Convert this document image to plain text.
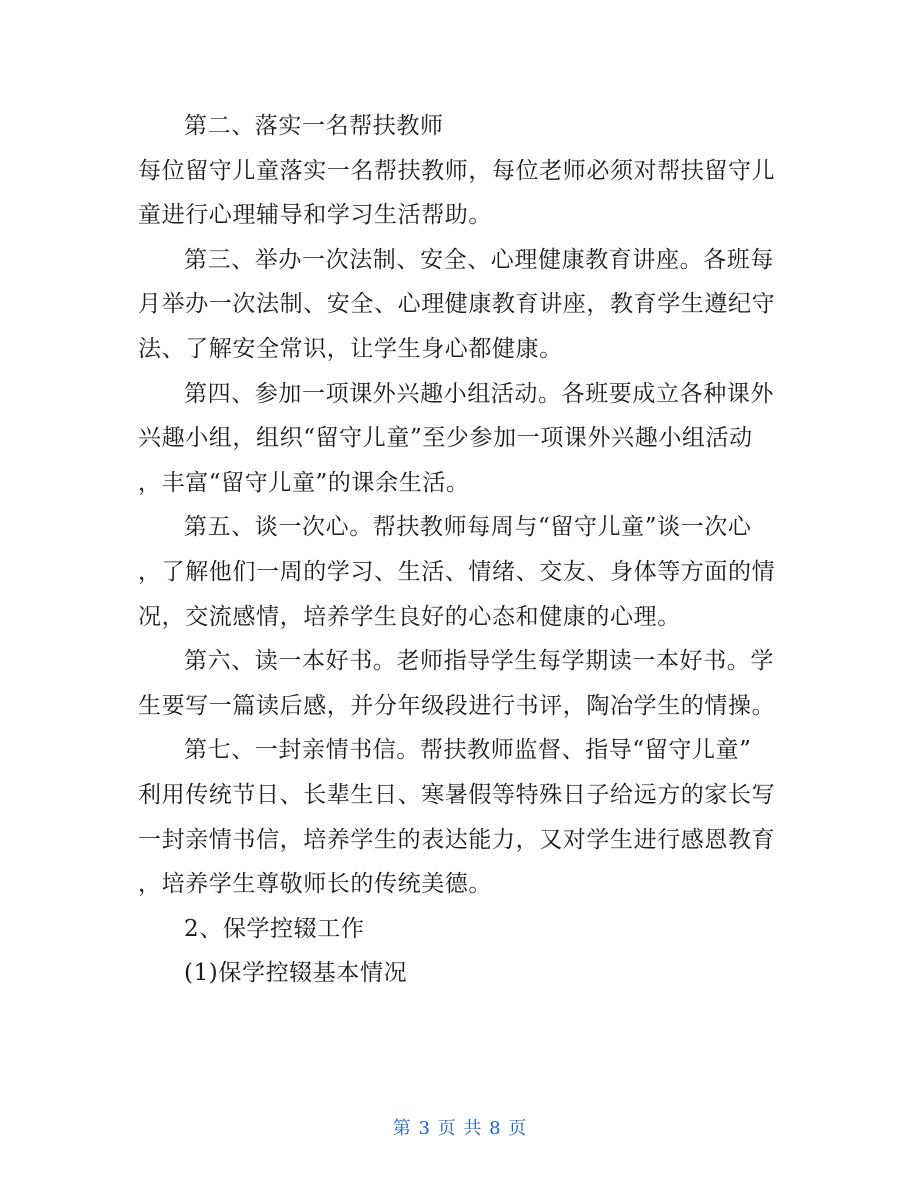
第二、落实一名帮扶教师
每位留守儿童落实一名帮扶教师，每位老师必须对帮扶留守儿
童进行心理辅导和学习生活帮助。
第三、举办一次法制、安全、心理健康教育讲座。各班每
月举办一次法制、安全、心理健康教育讲座，教育学生遵纪守
法、了解安全常识，让学生身心都健康。
第四、参加一项课外兴趣小组活动。各班要成立各种课外
兴趣小组，组织“留守儿童”至少参加一项课外兴趣小组活动
，丰富“留守儿童”的课余生活。
第五、谈一次心。帮扶教师每周与“留守儿童”谈一次心
，了解他们一周的学习、生活、情绪、交友、身体等方面的情
况，交流感情，培养学生良好的心态和健康的心理。
第六、读一本好书。老师指导学生每学期读一本好书。学
生要写一篇读后感，并分年级段进行书评，陶冶学生的情操。
第七、一封亲情书信。帮扶教师监督、指导“留守儿童”
利用传统节日、长辈生日、寒暑假等特殊日子给远方的家长写
一封亲情书信，培养学生的表达能力，又对学生进行感恩教育
，培养学生尊敬师长的传统美德。
2、保学控辍工作
(1)保学控辍基本情况
第 3 页 共 8 页
